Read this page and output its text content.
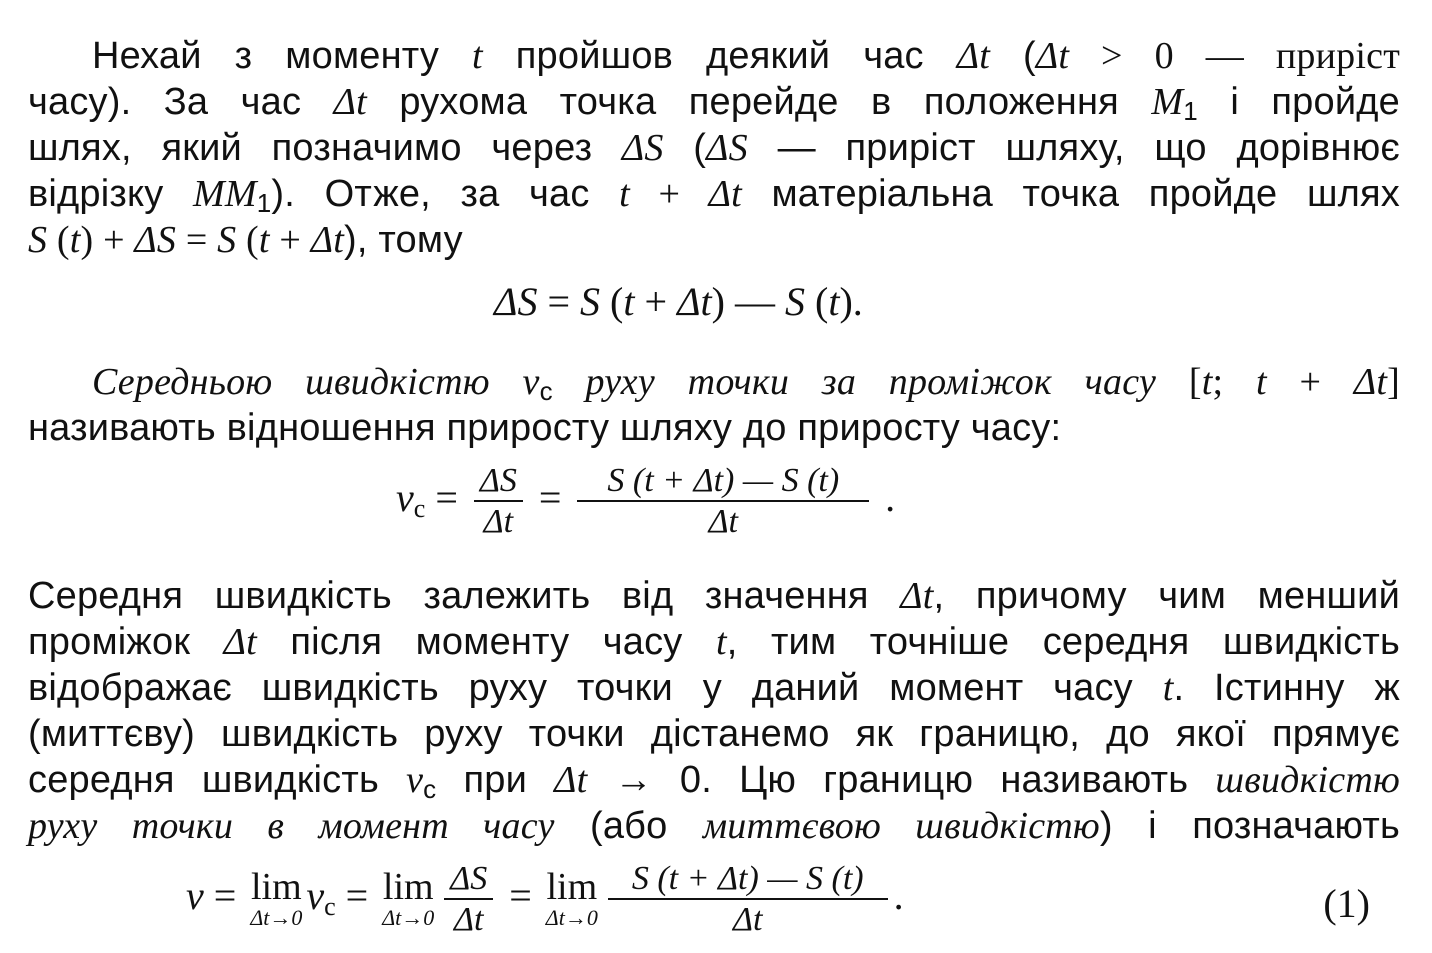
Нехай з моменту t пройшов деякий час Δt (Δt > 0 — приріст
часу). За час Δt рухома точка перейде в положення $M_1$ і пройде
шлях, який позначимо через ΔS (ΔS — приріст шляху, що дорівнює
відрізку $MM_1$). Отже, за час t + Δt матеріальна точка пройде шлях
S (t) + ΔS = S (t + Δt), тому
ΔS = S (t + Δt) — S (t).
Середньою швидкістю $v_c$ руху точки за проміжок часу [t; t + Δt]
називають відношення приросту шляху до приросту часу:
$v_c = \frac{\Delta S}{\Delta t} = \frac{S (t + \Delta t) — S (t)}{\Delta t}$ .
Середня швидкість залежить від значення Δt, причому чим менший
проміжок Δt після моменту часу t, тим точніше середня швидкість
відображає швидкість руху точки у даний момент часу t. Істинну ж
(миттєву) швидкість руху точки дістанемо як границю, до якої прямує
середня швидкість $v_c$ при Δt → 0. Цю границю називають швидкістю
руху точки в момент часу (або миттєвою швидкістю) і позначають
v = lim
Δt→0 $v_c = \lim$
$\Delta t\to 0 \frac{\Delta S}{\Delta t} = \lim$
$\Delta t\to 0 \frac{S (t + \Delta t) — S (t)}{\Delta t}$ .	(1)
